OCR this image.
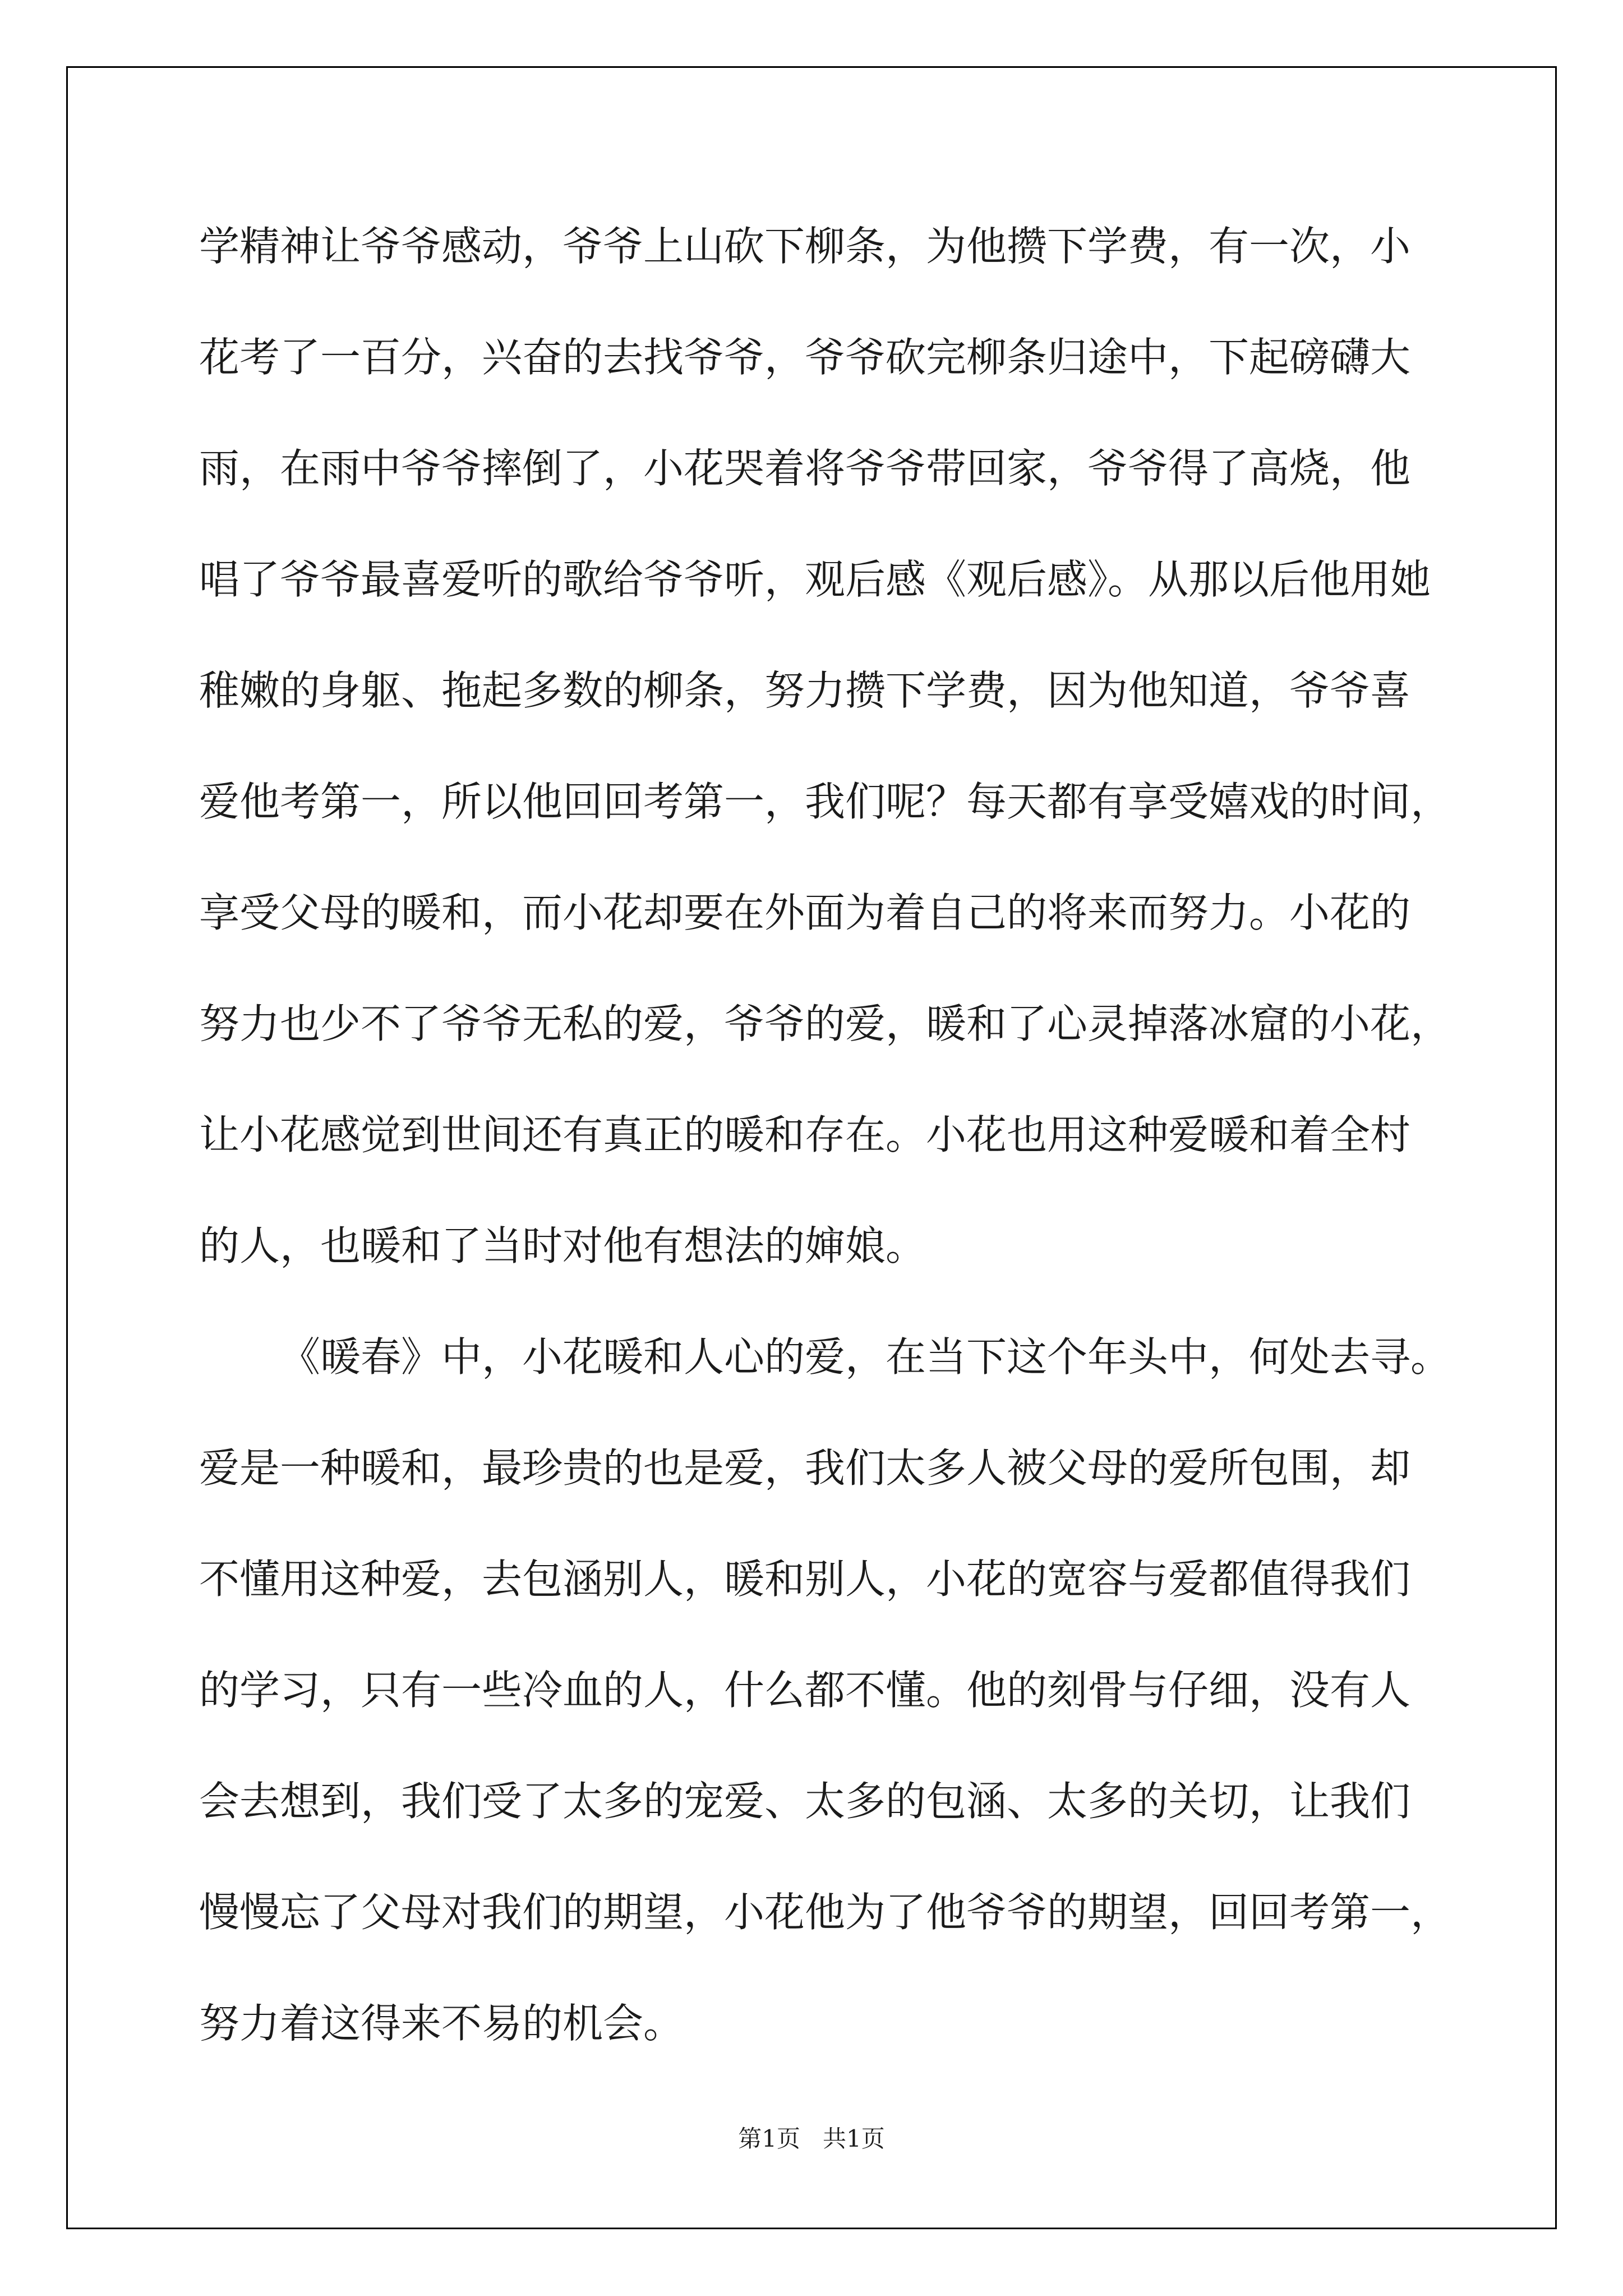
学精神让爷爷感动，爷爷上山砍下柳条，为他攒下学费，有一次，小
花考了一百分，兴奋的去找爷爷，爷爷砍完柳条归途中，下起磅礴大
雨，在雨中爷爷摔倒了，小花哭着将爷爷带回家，爷爷得了高烧，他
唱了爷爷最喜爱听的歌给爷爷听，观后感《观后感》。从那以后他用她
稚嫩的身躯、拖起多数的柳条，努力攒下学费，因为他知道，爷爷喜
爱他考第一，所以他回回考第一，我们呢？每天都有享受嬉戏的时间，
享受父母的暖和，而小花却要在外面为着自己的将来而努力。小花的
努力也少不了爷爷无私的爱，爷爷的爱，暖和了心灵掉落冰窟的小花，
让小花感觉到世间还有真正的暖和存在。小花也用这种爱暖和着全村
的人，也暖和了当时对他有想法的婶娘。
《暖春》中，小花暖和人心的爱，在当下这个年头中，何处去寻。
爱是一种暖和，最珍贵的也是爱，我们太多人被父母的爱所包围，却
不懂用这种爱，去包涵别人，暖和别人，小花的宽容与爱都值得我们
的学习，只有一些冷血的人，什么都不懂。他的刻骨与仔细，没有人
会去想到，我们受了太多的宠爱、太多的包涵、太多的关切，让我们
慢慢忘了父母对我们的期望，小花他为了他爷爷的期望，回回考第一，
努力着这得来不易的机会。
第1页   共1页
